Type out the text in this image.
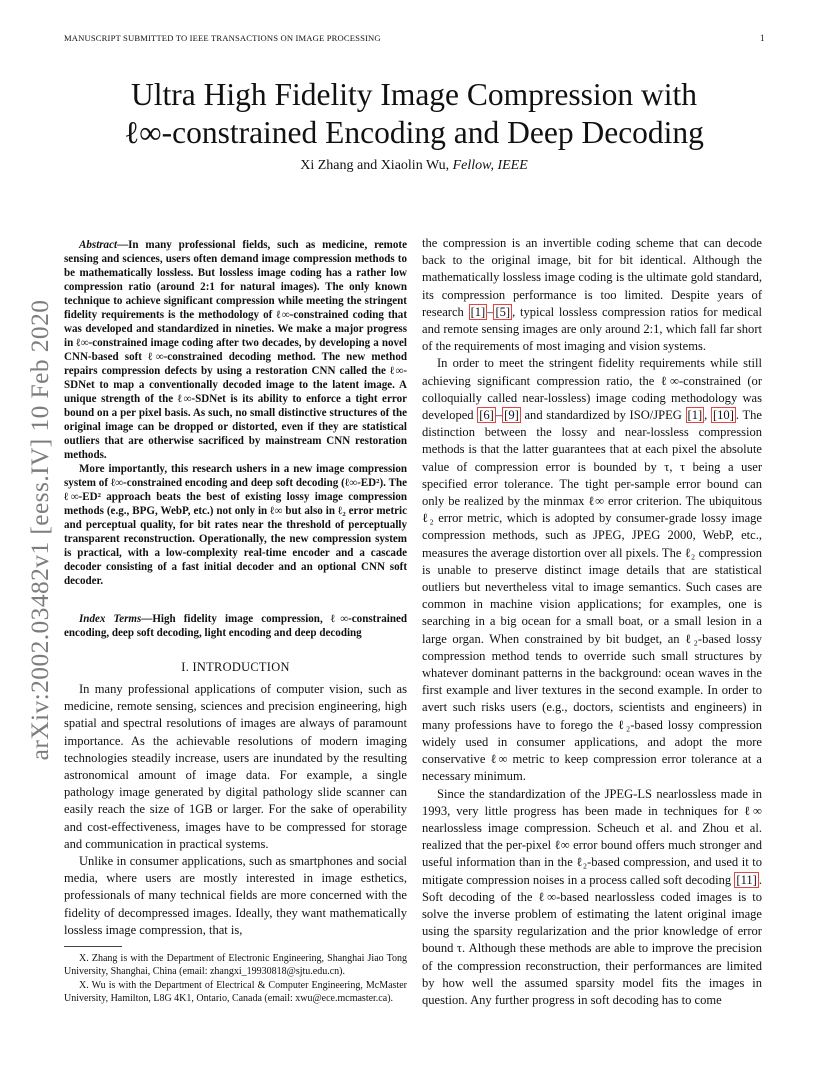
MANUSCRIPT SUBMITTED TO IEEE TRANSACTIONS ON IMAGE PROCESSING	1
arXiv:2002.03482v1 [eess.IV] 10 Feb 2020
Ultra High Fidelity Image Compression with
ℓ∞-constrained Encoding and Deep Decoding
Xi Zhang and Xiaolin Wu, Fellow, IEEE

Abstract—In many professional fields, such as medicine, remote sensing and sciences, users often demand image compression methods to be mathematically lossless. But lossless image coding has a rather low compression ratio (around 2:1 for natural images). The only known technique to achieve significant compression while meeting the stringent fidelity requirements is the methodology of ℓ∞-constrained coding that was developed and standardized in nineties. We make a major progress in ℓ∞-constrained image coding after two decades, by developing a novel CNN-based soft ℓ∞-constrained decoding method. The new method repairs compression defects by using a restoration CNN called the ℓ∞-SDNet to map a conventionally decoded image to the latent image. A unique strength of the ℓ∞-SDNet is its ability to enforce a tight error bound on a per pixel basis. As such, no small distinctive structures of the original image can be dropped or distorted, even if they are statistical outliers that are otherwise sacrificed by mainstream CNN restoration methods.

More importantly, this research ushers in a new image compression system of ℓ∞-constrained encoding and deep soft decoding (ℓ∞-ED²). The ℓ∞-ED² approach beats the best of existing lossy image compression methods (e.g., BPG, WebP, etc.) not only in ℓ∞ but also in ℓ₂ error metric and perceptual quality, for bit rates near the threshold of perceptually transparent reconstruction. Operationally, the new compression system is practical, with a low-complexity real-time encoder and a cascade decoder consisting of a fast initial decoder and an optional CNN soft decoder.

Index Terms—High fidelity image compression, ℓ∞-constrained encoding, deep soft decoding, light encoding and deep decoding
I. INTRODUCTION

In many professional applications of computer vision, such as medicine, remote sensing, sciences and precision engineering, high spatial and spectral resolutions of images are always of paramount importance. As the achievable resolutions of modern imaging technologies steadily increase, users are inundated by the resulting astronomical amount of image data. For example, a single pathology image generated by digital pathology slide scanner can easily reach the size of 1GB or larger. For the sake of operability and cost-effectiveness, images have to be compressed for storage and communication in practical systems.

Unlike in consumer applications, such as smartphones and social media, where users are mostly interested in image esthetics, professionals of many technical fields are more concerned with the fidelity of decompressed images. Ideally, they want mathematically lossless image compression, that is,

X. Zhang is with the Department of Electronic Engineering, Shanghai Jiao Tong University, Shanghai, China (email: zhangxi_19930818@sjtu.edu.cn).

X. Wu is with the Department of Electrical & Computer Engineering, McMaster University, Hamilton, L8G 4K1, Ontario, Canada (email: xwu@ece.mcmaster.ca).

the compression is an invertible coding scheme that can decode back to the original image, bit for bit identical. Although the mathematically lossless image coding is the ultimate gold standard, its compression performance is too limited. Despite years of research [1] – [5] , typical lossless compression ratios for medical and remote sensing images are only around 2:1, which fall far short of the requirements of most imaging and vision systems.

In order to meet the stringent fidelity requirements while still achieving significant compression ratio, the ℓ∞-constrained (or colloquially called near-lossless) image coding methodology was developed [6] – [9] and standardized by ISO/JPEG [1] , [10] . The distinction between the lossy and near-lossless compression methods is that the latter guarantees that at each pixel the absolute value of compression error is bounded by τ, τ being a user specified error tolerance. The tight per-sample error bound can only be realized by the minmax ℓ∞ error criterion. The ubiquitous ℓ₂ error metric, which is adopted by consumer-grade lossy image compression methods, such as JPEG, JPEG 2000, WebP, etc., measures the average distortion over all pixels. The ℓ₂ compression is unable to preserve distinct image details that are statistical outliers but nevertheless vital to image semantics. Such cases are common in machine vision applications; for examples, one is searching in a big ocean for a small boat, or a small lesion in a large organ. When constrained by bit budget, an ℓ₂-based lossy compression method tends to override such small structures by whatever dominant patterns in the background: ocean waves in the first example and liver textures in the second example. In order to avert such risks users (e.g., doctors, scientists and engineers) in many professions have to forego the ℓ₂-based lossy compression widely used in consumer applications, and adopt the more conservative ℓ∞ metric to keep compression error tolerance at a necessary minimum.

Since the standardization of the JPEG-LS nearlossless made in 1993, very little progress has been made in techniques for ℓ∞ nearlossless image compression. Scheuch et al. and Zhou et al. realized that the per-pixel ℓ∞ error bound offers much stronger and useful information than in the ℓ₂-based compression, and used it to mitigate compression noises in a process called soft decoding [11] . Soft decoding of the ℓ∞-based nearlossless coded images is to solve the inverse problem of estimating the latent original image using the sparsity regularization and the prior knowledge of error bound τ. Although these methods are able to improve the precision of the compression reconstruction, their performances are limited by how well the assumed sparsity model fits the images in question. Any further progress in soft decoding has to come
